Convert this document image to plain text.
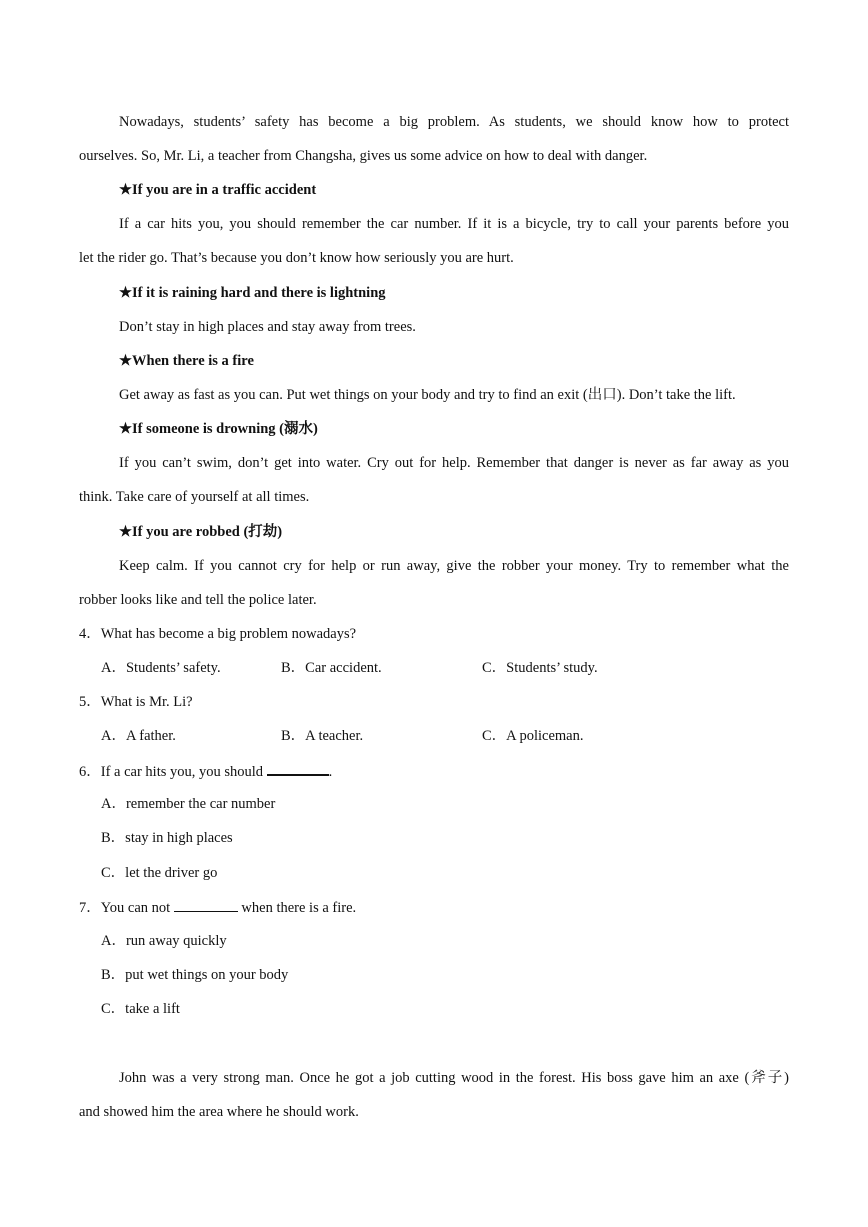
Nowadays, students’ safety has become a big problem. As students, we should know how to protect
ourselves. So, Mr. Li, a teacher from Changsha, gives us some advice on how to deal with danger.
★If you are in a traffic accident
If a car hits you, you should remember the car number. If it is a bicycle, try to call your parents before you
let the rider go. That’s because you don’t know how seriously you are hurt.
★If it is raining hard and there is lightning
Don’t stay in high places and stay away from trees.
★When there is a fire
Get away as fast as you can. Put wet things on your body and try to find an exit (出口). Don’t take the lift.
★If someone is drowning (溺水)
If you can’t swim, don’t get into water. Cry out for help. Remember that danger is never as far away as you
think. Take care of yourself at all times.
★If you are robbed (打劫)
Keep calm. If you cannot cry for help or run away, give the robber your money. Try to remember what the
robber looks like and tell the police later.
4．What has become a big problem nowadays?
A．Students’ safety.	B．Car accident.	C．Students’ study.
5．What is Mr. Li?
A．A father.	B．A teacher.	C．A policeman.
6．If a car hits you, you should	.
A．remember the car number
B．stay in high places
C．let the driver go
7．You can not	when there is a fire.
A．run away quickly
B．put wet things on your body
C．take a lift
John was a very strong man. Once he got a job cutting wood in the forest. His boss gave him an axe (斧子)
and showed him the area where he should work.
